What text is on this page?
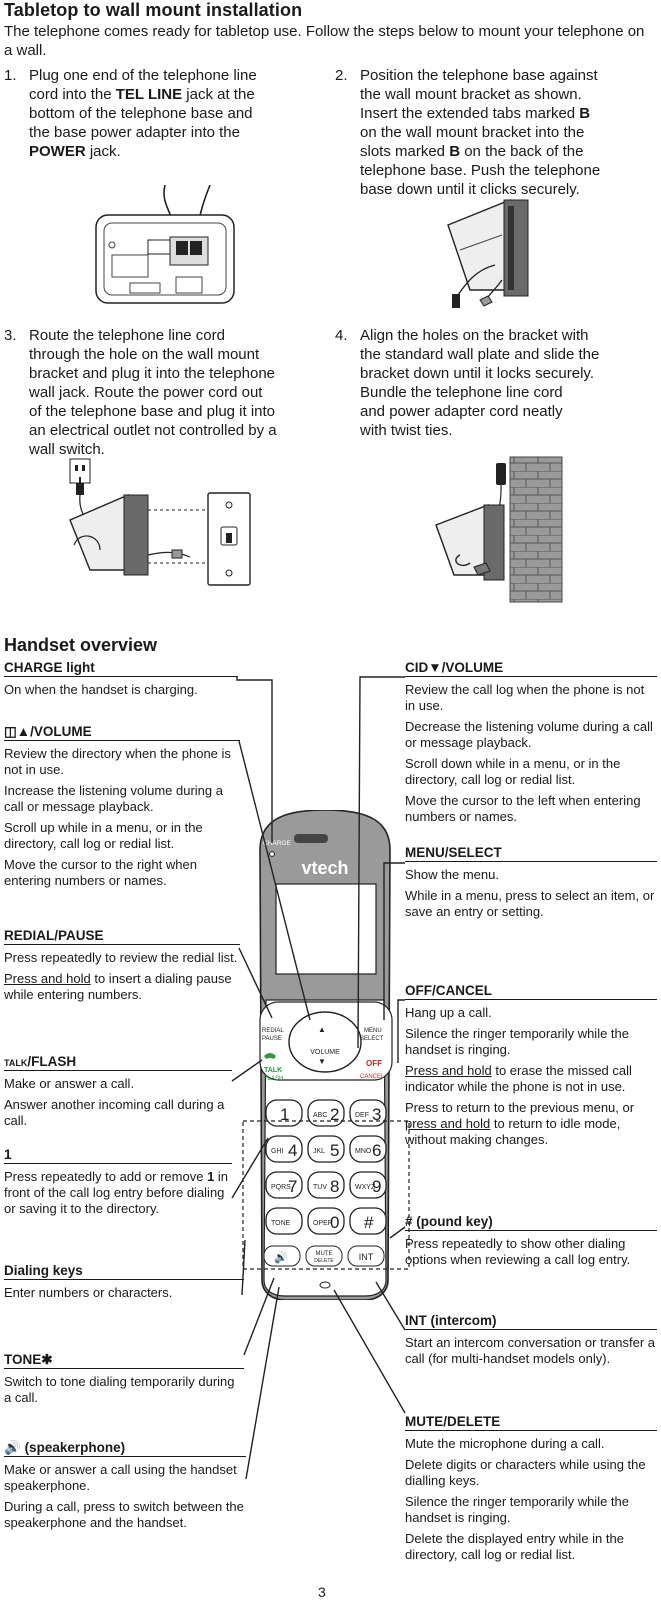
Tabletop to wall mount installation
The telephone comes ready for tabletop use. Follow the steps below to mount your telephone on a wall.
1. Plug one end of the telephone line
cord into the TEL LINE jack at the
bottom of the telephone base and
the base power adapter into the
POWER jack.
2. Position the telephone base against
the wall mount bracket as shown.
Insert the extended tabs marked B
on the wall mount bracket into the
slots marked B on the back of the
telephone base. Push the telephone
base down until it clicks securely.
3. Route the telephone line cord
through the hole on the wall mount
bracket and plug it into the telephone
wall jack. Route the power cord out
of the telephone base and plug it into
an electrical outlet not controlled by a
wall switch.
4. Align the holes on the bracket with
the standard wall plate and slide the
bracket down until it locks securely.
Bundle the telephone line cord
and power adapter cord neatly
with twist ties.
Handset overview
CHARGE
vtech
VOLUME
▲
▼
REDIAL
PAUSE
MENU
SELECT
TALK
FLASH
OFF
CANCEL
1	ABC 2 DEF 3
GHI 4 JKL 5 MNO 6
PQRS
7 TUV 8 WXYZ
9
TONE	OPER
0 #
🔊	MUTE
DELETE	INT
CHARGE light

On when the handset is charging.

◫▲/VOLUME

Review the directory when the phone is not in use.

Increase the listening volume during a call or message playback.

Scroll up while in a menu, or in the directory, call log or redial list.

Move the cursor to the right when entering numbers or names.

REDIAL/PAUSE

Press repeatedly to review the redial list.

Press and hold to insert a dialing pause while entering numbers.

TALK/FLASH

Make or answer a call.

Answer another incoming call during a call.

1

Press repeatedly to add or remove 1 in front of the call log entry before dialing or saving it to the directory.

Dialing keys

Enter numbers or characters.

TONE✱

Switch to tone dialing temporarily during a call.

🔊 (speakerphone)

Make or answer a call using the handset speakerphone.

During a call, press to switch between the speakerphone and the handset.

CID▼/VOLUME

Review the call log when the phone is not in use.

Decrease the listening volume during a call or message playback.

Scroll down while in a menu, or in the directory, call log or redial list.

Move the cursor to the left when entering numbers or names.

MENU/SELECT

Show the menu.

While in a menu, press to select an item, or save an entry or setting.

OFF/CANCEL

Hang up a call.

Silence the ringer temporarily while the handset is ringing.

Press and hold to erase the missed call indicator while the phone is not in use.

Press to return to the previous menu, or press and hold to return to idle mode, without making changes.

# (pound key)

Press repeatedly to show other dialing options when reviewing a call log entry.

INT (intercom)

Start an intercom conversation or transfer a call (for multi-handset models only).

MUTE/DELETE

Mute the microphone during a call.

Delete digits or characters while using the dialling keys.

Silence the ringer temporarily while the handset is ringing.

Delete the displayed entry while in the directory, call log or redial list.

3
